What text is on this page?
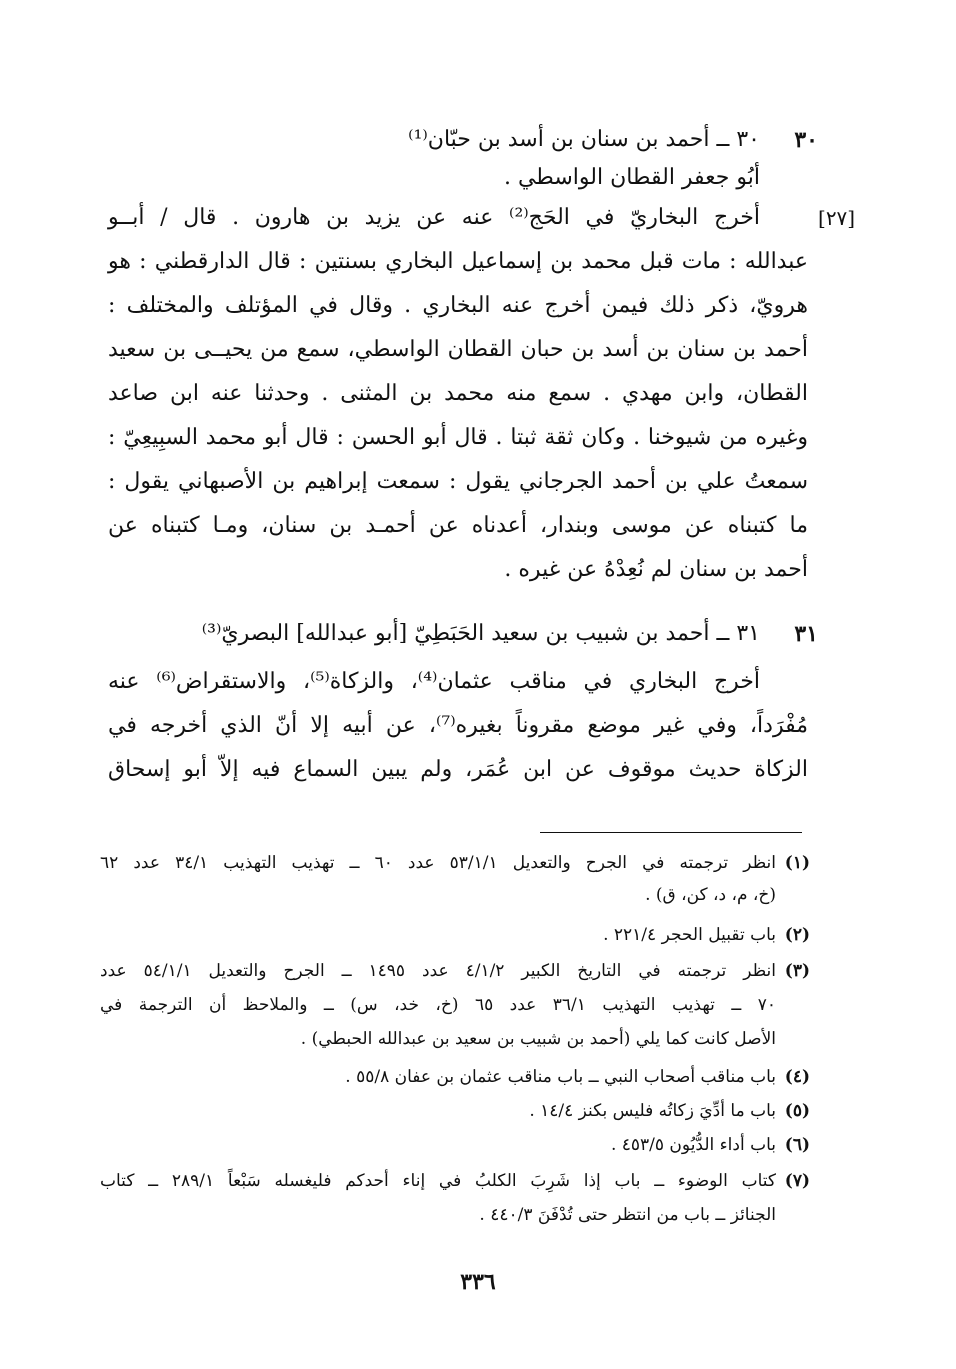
٣٠
٣٠ ــ أحمد بن سنان بن أسد بن حبّان⁽¹⁾
أبُو جعفر القطان الواسطي .
[٢٧]
أخرج البخاريّ في الحَج⁽²⁾ عنه عن يزيد بن هارون . قال / أبــو
عبدالله : مات قبل محمد بن إسماعيل البخاري بسنتين : قال الدارقطني : هو
هرويّ، ذكر ذلك فيمن أخرج عنه البخاري . وقال في المؤتلف والمختلف :
أحمد بن سنان بن أسد بن حبان القطان الواسطي، سمع من يحيــى بن سعيد
القطان، وابن مهدي . سمع منه محمد بن المثنى . وحدثنا عنه ابن صاعد
وغيره من شيوخنا . وكان ثقة ثبتا . قال أبو الحسن : قال أبو محمد السبِيعِيّ :
سمعتُ علي بن أحمد الجرجاني يقول : سمعت إبراهيم بن الأصبهاني يقول :
ما كتبناه عن موسى وبندار، أعدناه عن أحمـد بن سنان، ومـا كتبناه عن
أحمد بن سنان لم نُعِدْهُ عن غيره .
٣١
٣١ ــ أحمد بن شبيب بن سعيد الحَبَطِيّ [أبو عبدالله] البصريّ⁽³⁾
أخرج البخاري في مناقب عثمان⁽⁴⁾، والزكاة⁽⁵⁾، والاستقراض⁽⁶⁾ عنه
مُفْرَداً، وفي غير موضع مقروناً بغيره⁽⁷⁾، عن أبيه إلا أنّ الذي أخرجه في
الزكاة حديث موقوف عن ابن عُمَر، ولم يبين السماع فيه إلاّ أبو إسحاق
(١)انظر ترجمته في الجرح والتعديل ٥٣/١/١ عدد ٦٠ ــ تهذيب التهذيب ٣٤/١ عدد ٦٢
(خ، م، د، كن، ق) .
(٢)باب تقبيل الحجر ٢٢١/٤ .
(٣)انظر ترجمته في التاريخ الكبير ٤/١/٢ عدد ١٤٩٥ ــ الجرح والتعديل ٥٤/١/١ عدد
٧٠ ــ تهذيب التهذيب ٣٦/١ عدد ٦٥ (خ، خد، س) ــ والملاحظ أن الترجمة في
الأصل كانت كما يلي (أحمد بن شبيب بن سعيد بن عبدالله الحبطي) .
(٤)باب مناقب أصحاب النبي ــ باب مناقب عثمان بن عفان ٥٥/٨ .
(٥)باب ما أدِّيَ زكاتُه فليس بكنز ١٤/٤ .
(٦)باب أداء الدُّيُون ٤٥٣/٥ .
(٧)كتاب الوضوء ــ باب إذا شَرِبَ الكلبُ في إناء أحدكم فليغسله سَبْعاً ٢٨٩/١ ــ كتاب
الجنائز ــ باب من انتظر حتى تُدْفَنَ ٤٤٠/٣ .
٣٣٦
